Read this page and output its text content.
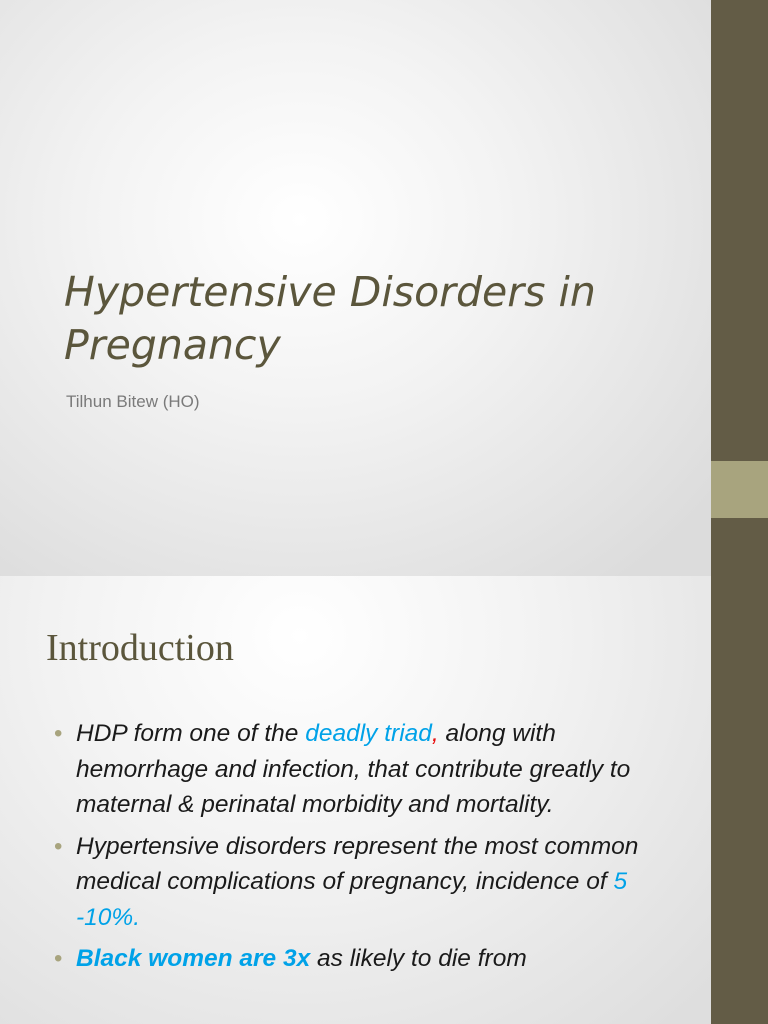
Hypertensive Disorders in Pregnancy

Tilhun Bitew (HO)

Introduction
• HDP form one of the deadly triad, along with hemorrhage and infection, that contribute greatly to maternal & perinatal morbidity and mortality.
• Hypertensive disorders represent the most common medical complications of pregnancy, incidence of 5 -10%.
• Black women are 3x as likely to die from
